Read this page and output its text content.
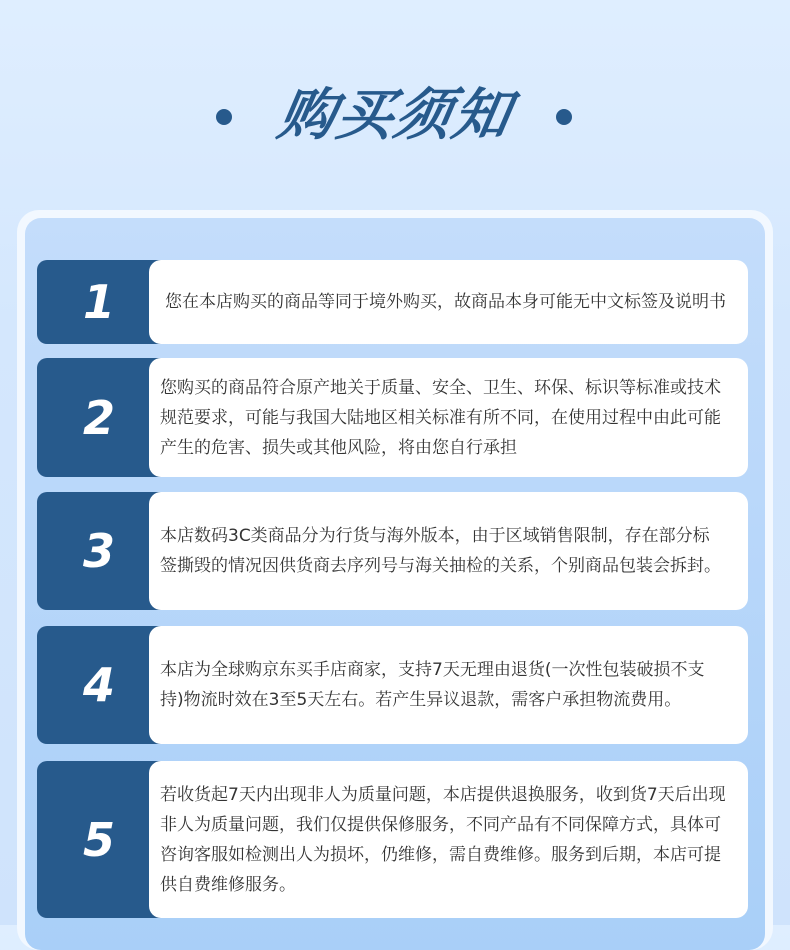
购买须知
1	您在本店购买的商品等同于境外购买，故商品本身可能无中文标签及说明书

2

您购买的商品符合原产地关于质量、安全、卫生、环保、标识等标准或技术规范要求，可能与我国大陆地区相关标准有所不同，在使用过程中由此可能产生的危害、损失或其他风险，将由您自行承担

3	本店数码3C类商品分为行货与海外版本，由于区域销售限制，存在部分标签撕毁的情况因供货商去序列号与海关抽检的关系，个别商品包装会拆封。

4	本店为全球购京东买手店商家，支持7天无理由退货(一次性包装破损不支持)物流时效在3至5天左右。若产生异议退款，需客户承担物流费用。

5

若收货起7天内出现非人为质量问题，本店提供退换服务，收到货7天后出现非人为质量问题，我们仅提供保修服务，不同产品有不同保障方式，具体可咨询客服如检测出人为损坏，仍维修，需自费维修。服务到后期，本店可提供自费维修服务。
